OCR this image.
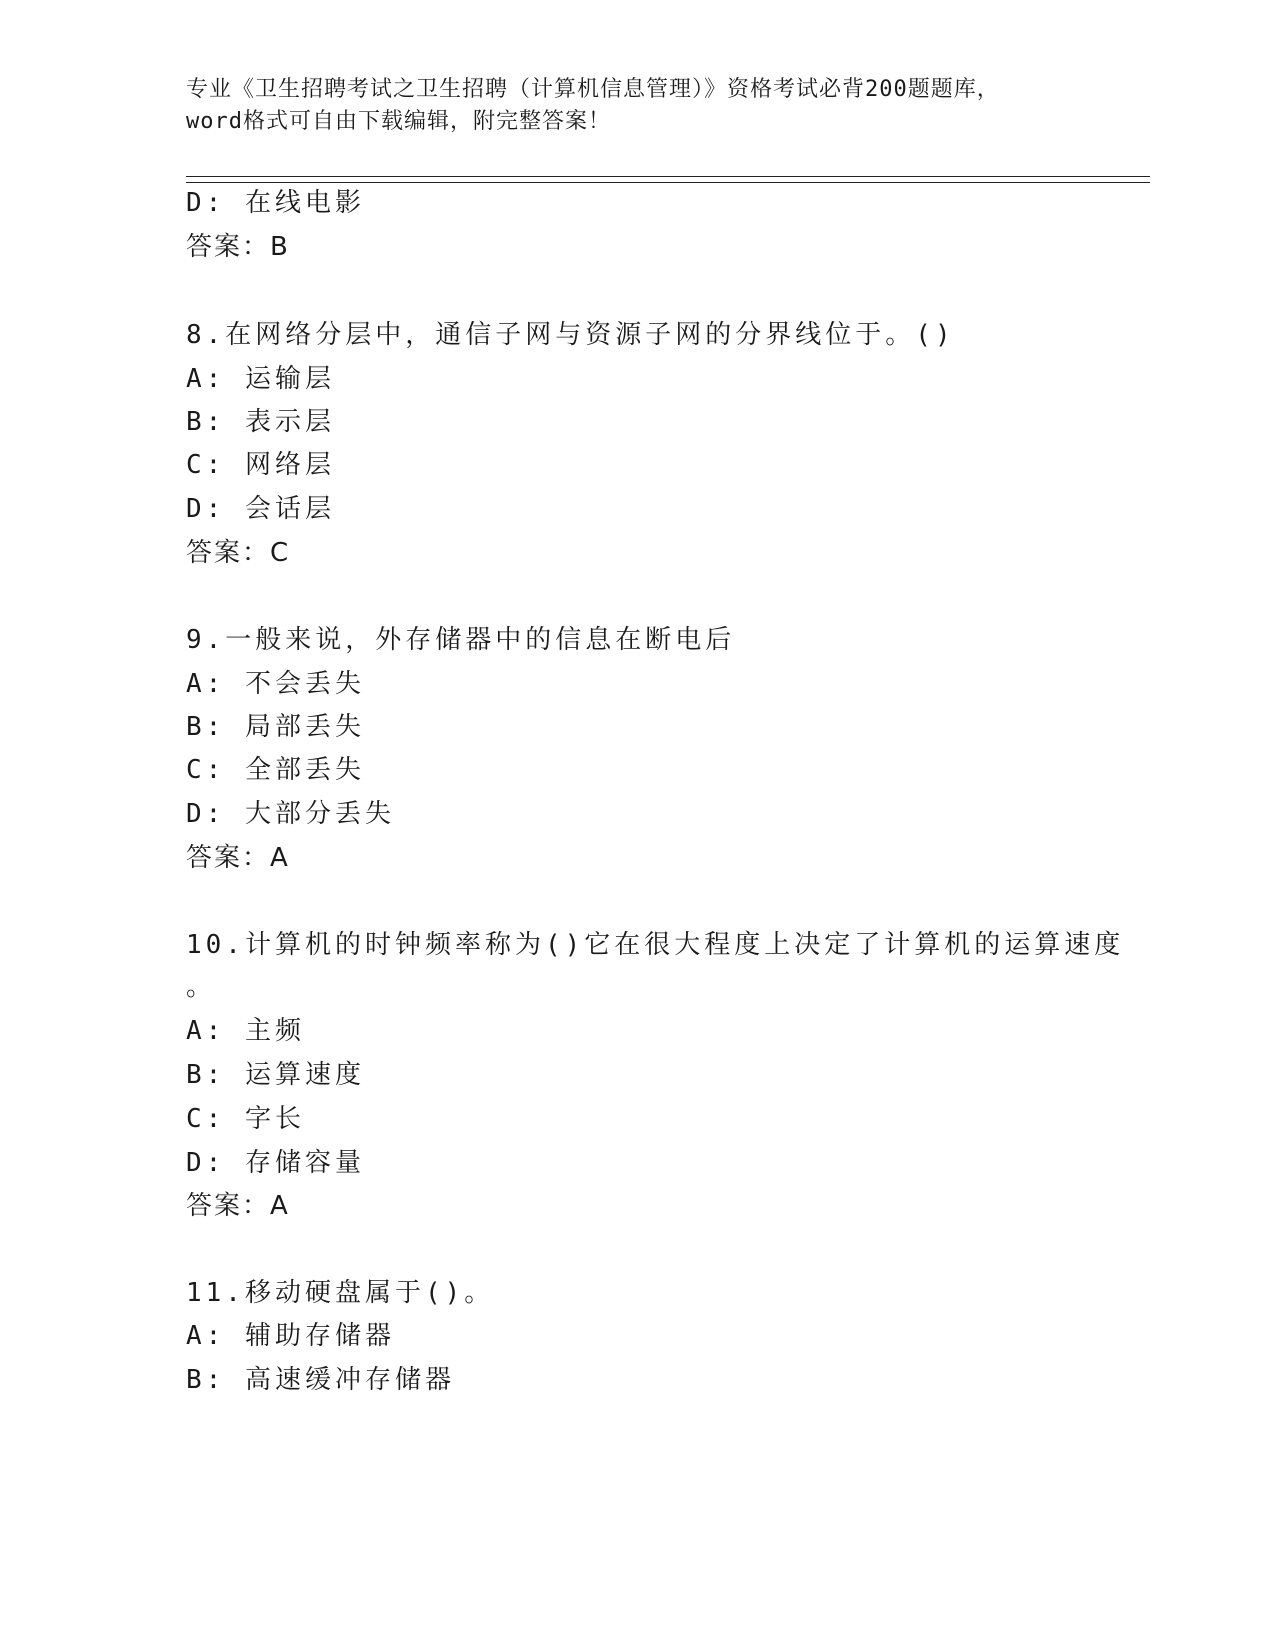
专业《卫生招聘考试之卫生招聘（计算机信息管理）》资格考试必背200题题库，
word格式可自由下载编辑，附完整答案！
D: 在线电影
答案：B
8.在网络分层中，通信子网与资源子网的分界线位于。()
A: 运输层
B: 表示层
C: 网络层
D: 会话层
答案：C
9.一般来说，外存储器中的信息在断电后
A: 不会丢失
B: 局部丢失
C: 全部丢失
D: 大部分丢失
答案：A
10.计算机的时钟频率称为()它在很大程度上决定了计算机的运算速度
。
A: 主频
B: 运算速度
C: 字长
D: 存储容量
答案：A
11.移动硬盘属于()。
A: 辅助存储器
B: 高速缓冲存储器
